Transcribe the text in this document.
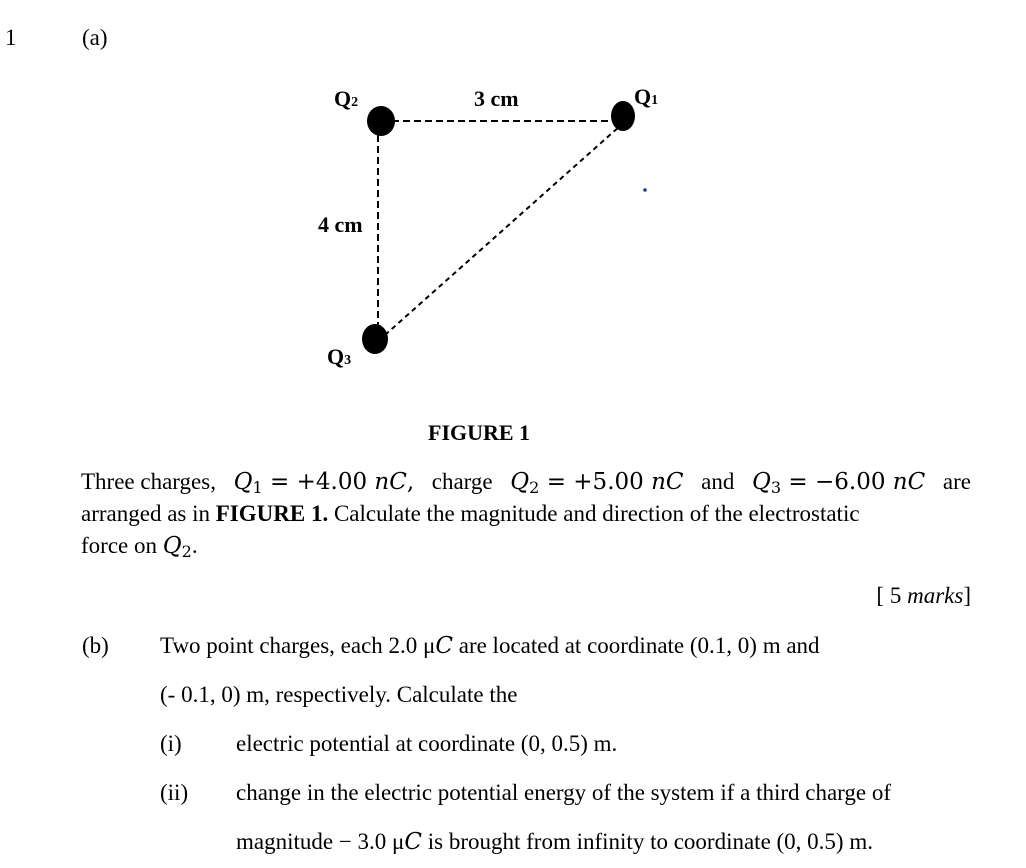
1	(a)
Q2	Q1
Q3
3 cm
4 cm
FIGURE 1
Three charges, $Q_1 = +4.00$ nC, charge $Q_2 = +5.00$ nC and $Q_3 = -6.00$ nC are
arranged as in FIGURE 1. Calculate the magnitude and direction of the electrostatic
force on $Q_2$.
[ 5 marks]
(b) Two point charges, each 2.0 μC are located at coordinate (0.1, 0) m and
(- 0.1, 0) m, respectively. Calculate the
(i) electric potential at coordinate (0, 0.5) m.
(ii) change in the electric potential energy of the system if a third charge of
magnitude − 3.0 μC is brought from infinity to coordinate (0, 0.5) m.
